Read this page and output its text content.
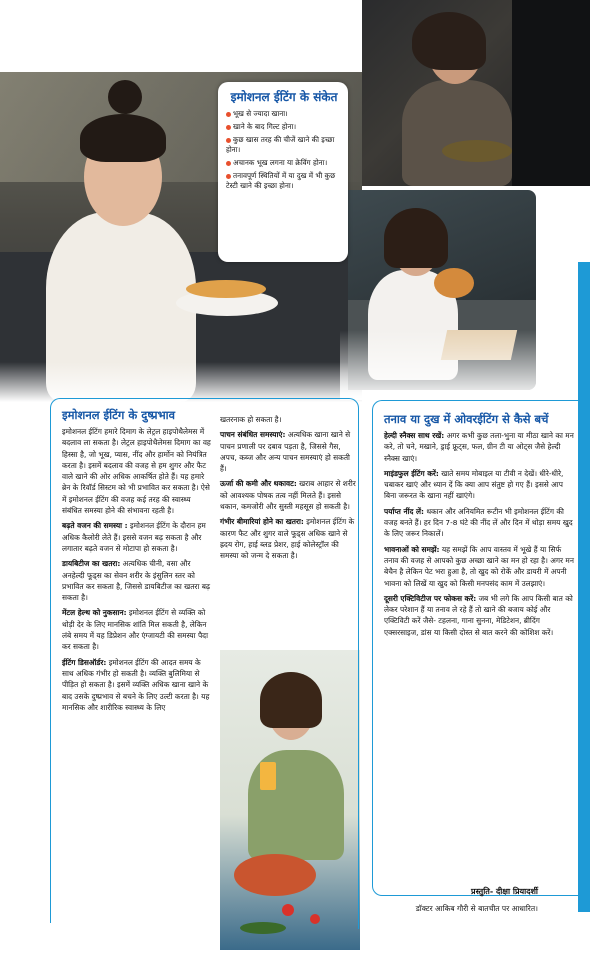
इमोशनल ईटिंग के संकेत
भूख से ज्यादा खाना।
खाने के बाद गिल्ट होना।
कुछ खास तरह की चीजें खाने की इच्छा होना।
अचानक भूख लगना या क्रेविंग होना।
तनावपूर्ण स्थितियों में या दुख में भी कुछ टेस्टी खाने की इच्छा होना।
इमोशनल ईटिंग के दुष्प्रभाव

इमोशनल ईटिंग हमारे दिमाग के लेट्रल हाइपोथैलेमस में बदलाव ला सकता है। लेट्रल हाइपोथैलेमस दिमाग का वह हिस्सा है, जो भूख, प्यास, नींद और हार्मोन को नियंत्रित करता है। इसमें बदलाव की वजह से हम शुगर और फैट वाले खाने की ओर अधिक आकर्षित होते हैं। यह हमारे ब्रेन के रिवॉर्ड सिस्टम को भी प्रभावित कर सकता है। ऐसे में इमोशनल ईटिंग की वजह कई तरह की स्वास्थ्य संबंधित समस्या होने की संभावना रहती है।

बढ़ते वजन की समस्या : इमोशनल ईटिंग के दौरान हम अधिक कैलोरी लेते हैं। इससे वजन बढ़ सकता है और लगातार बढ़ते वजन से मोटापा हो सकता है।

डायबिटीज का खतरा: अत्यधिक चीनी, वसा और अनहेल्दी फूड्स का सेवन शरीर के इंसुलिन स्तर को प्रभावित कर सकता है, जिससे डायबिटीज का खतरा बढ़ सकता है।

मेंटल हेल्थ को नुकसान: इमोशनल ईटिंग से व्यक्ति को थोड़ी देर के लिए मानसिक शांति मिल सकती है, लेकिन लंबे समय में यह डिप्रेशन और एंग्जायटी की समस्या पैदा कर सकता है।

ईटिंग डिसऑर्डर: इमोशनल ईटिंग की आदत समय के साथ अधिक गंभीर हो सकती है। व्यक्ति बुलिमिया से पीड़ित हो सकता है। इसमें व्यक्ति अधिक खाना खाने के बाद उसके दुष्प्रभाव से बचने के लिए उल्टी करता है। यह मानसिक और शारीरिक स्वास्थ्य के लिए

खतरनाक हो सकता है।

पाचन संबंधित समस्याएं: अत्यधिक खाना खाने से पाचन प्रणाली पर दबाव पड़ता है, जिससे गैस, अपच, कब्ज और अन्य पाचन समस्याएं हो सकती हैं।

ऊर्जा की कमी और थकावट: खराब आहार से शरीर को आवश्यक पोषक तत्व नहीं मिलते हैं। इससे थकान, कमजोरी और सुस्ती महसूस हो सकती है।

गंभीर बीमारियां होने का खतरा: इमोशनल ईटिंग के कारण फैट और शुगर वाले फूड्स अधिक खाने से ह्रदय रोग, हाई ब्लड प्रेशर, हाई कोलेस्ट्रॉल की समस्या को जन्म दे सकता है।

तनाव या दुख में ओवरईटिंग से कैसे बचें

हेल्दी स्नैक्स साथ रखें: अगर कभी कुछ तला-भुना या मीठा खाने का मन करे, तो चने, मखाने, ड्राई फ्रूट्स, फल, ग्रीन टी या ओट्स जैसे हेल्दी स्नैक्स खाएं।

माइंडफुल ईटिंग करें: खाते समय मोबाइल या टीवी न देखें। धीरे-धीरे, चबाकर खाएं और ध्यान दें कि क्या आप संतुष्ट हो गए हैं। इससे आप बिना जरूरत के खाना नहीं खाएंगे।

पर्याप्त नींद लें: थकान और अनियमित रूटीन भी इमोशनल ईटिंग की वजह बनते हैं। हर दिन 7-8 घंटे की नींद लें और दिन में थोड़ा समय खुद के लिए जरूर निकालें।

भावनाओं को समझें: यह समझें कि आप वास्तव में भूखे हैं या सिर्फ तनाव की वजह से आपको कुछ अच्छा खाने का मन हो रहा है। अगर मन बेचैन है लेकिन पेट भरा हुआ है, तो खुद को रोकें और डायरी में अपनी भावना को लिखें या खुद को किसी मनपसंद काम में उलझाएं।

दूसरी एक्टिविटीज पर फोकस करें: जब भी लगे कि आप किसी बात को लेकर परेशान हैं या तनाव ले रहे हैं तो खाने की बजाय कोई और एक्टिविटी करें जैसे- टहलना, गाना सुनना, मेडिटेशन, ब्रीदिंग एक्सरसाइज, डांस या किसी दोस्त से बात करने की कोशिश करें।

प्रस्तुति- दीक्षा प्रियादर्शी
डॉक्टर आकिब गौरी से बातचीत पर आधारित।
